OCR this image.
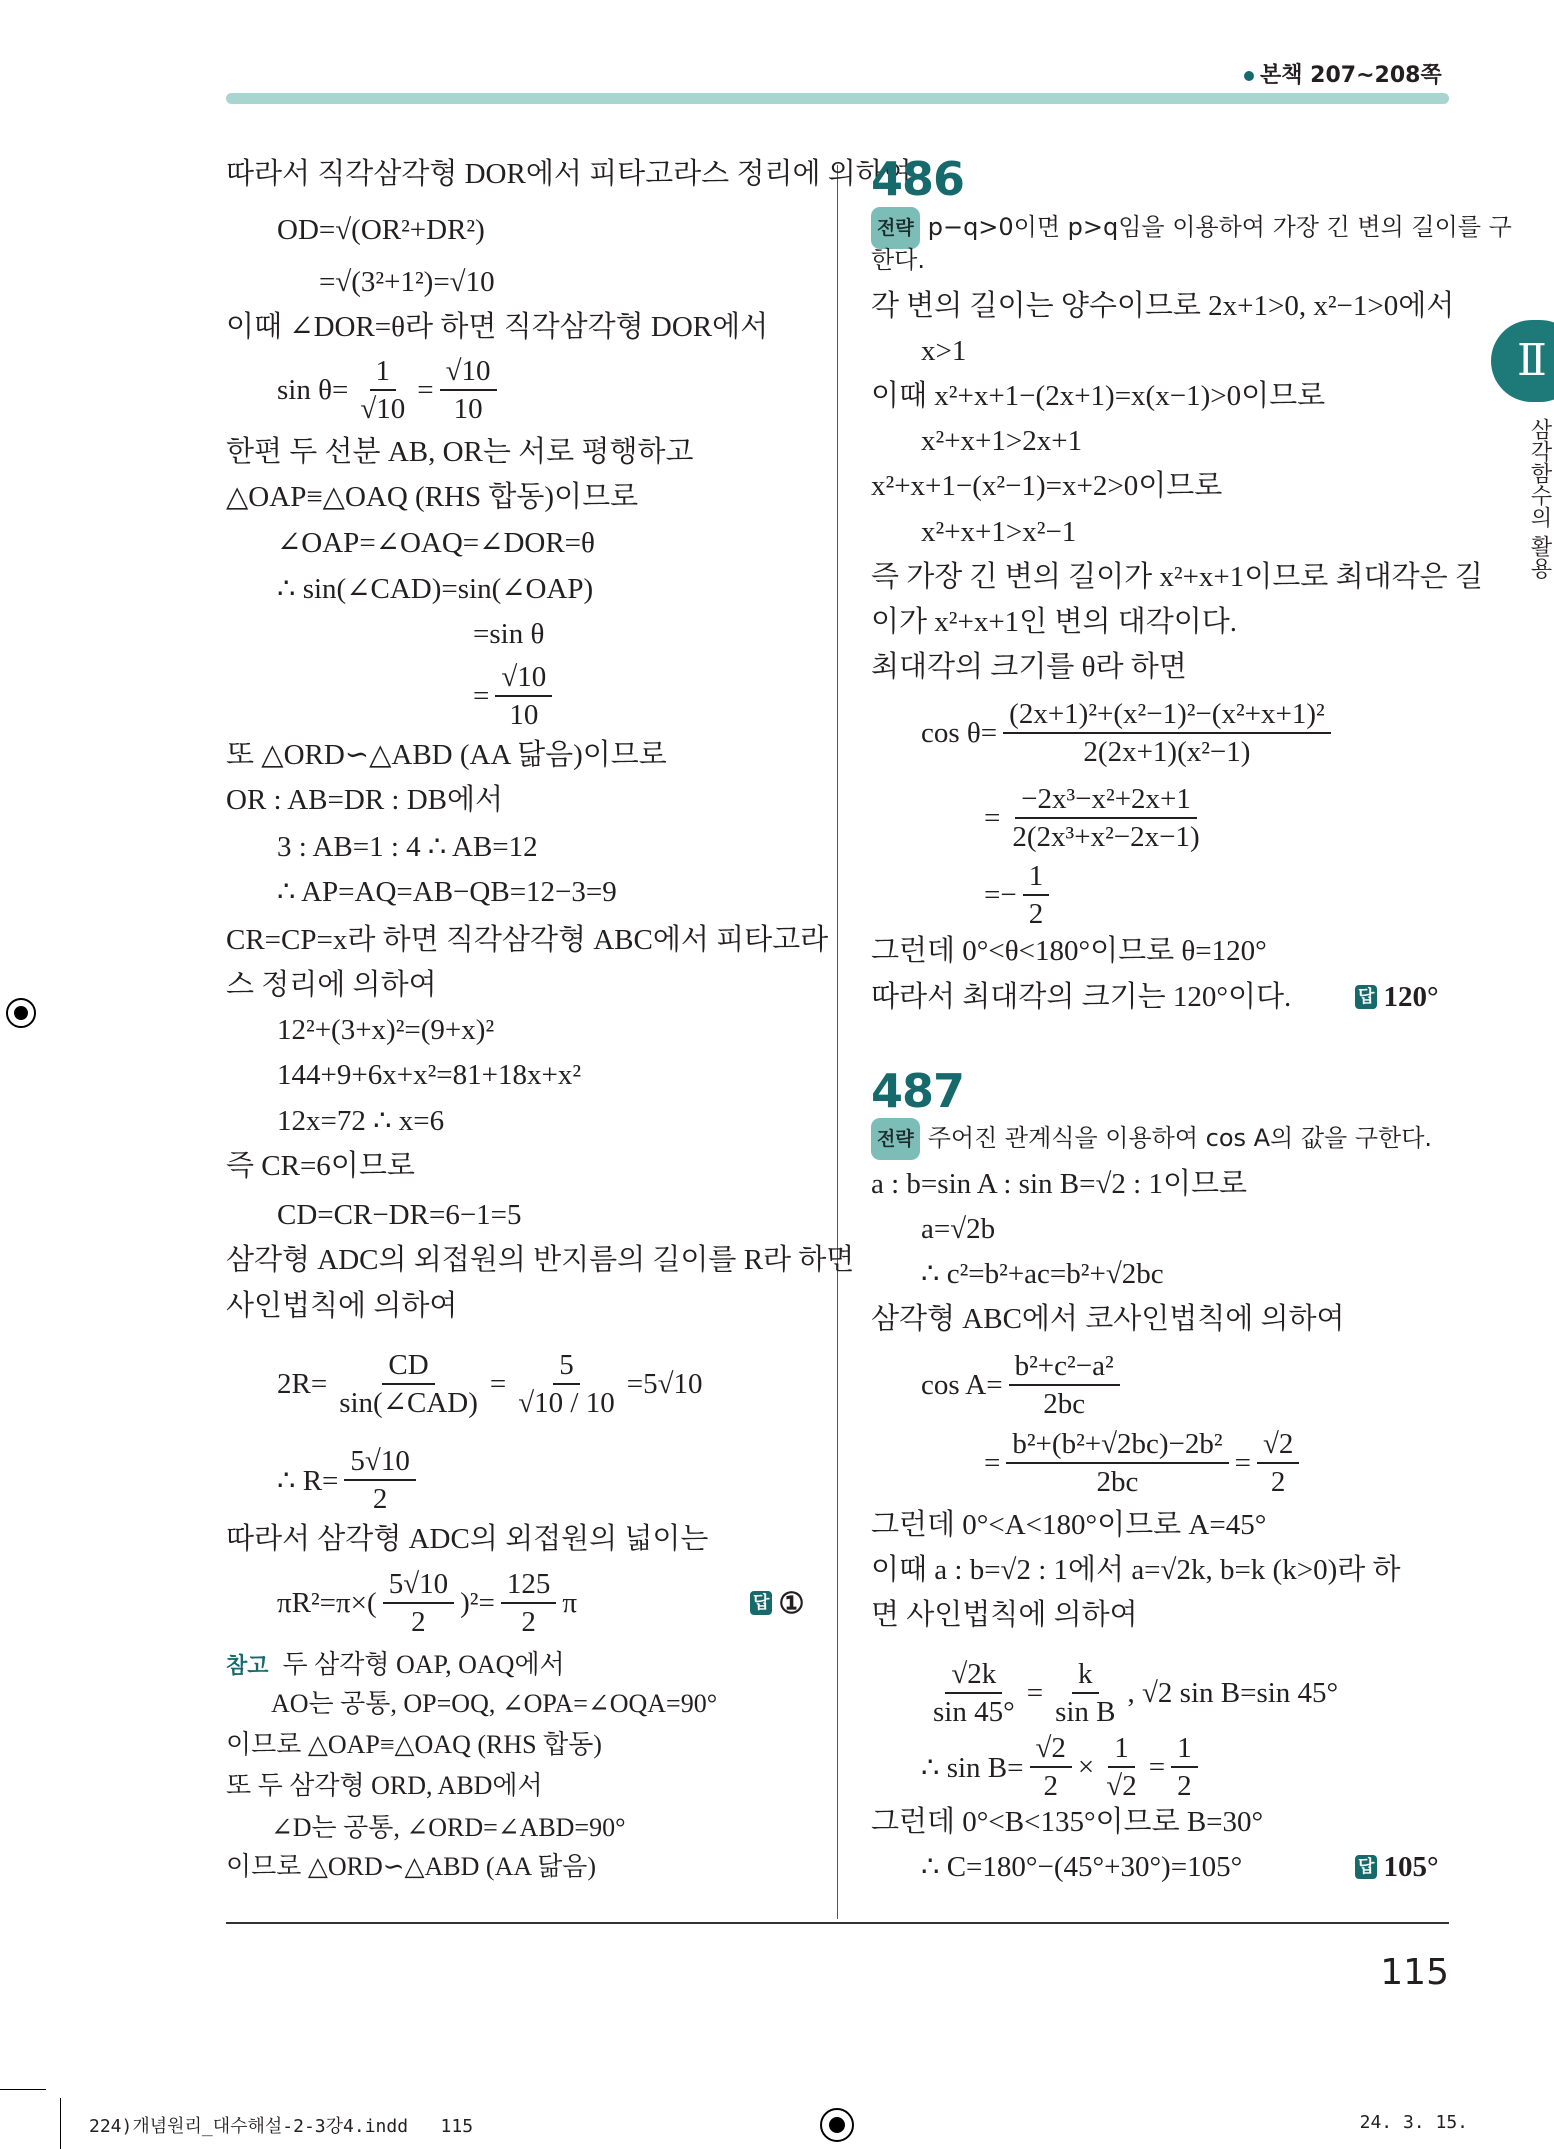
본책 207~208쪽
Ⅱ
삼각함수의 활용
따라서 직각삼각형 DOR에서 피타고라스 정리에 의하여
OD=√(OR²+DR²)
=√(3²+1²)=√10
이때 ∠DOR=θ라 하면 직각삼각형 DOR에서
$\sin \theta= \frac{1}{√10} = \frac{√10}{10}$
한편 두 선분 AB, OR는 서로 평행하고
△OAP≡△OAQ (RHS 합동)이므로
∠OAP=∠OAQ=∠DOR=θ
∴ sin(∠CAD)=sin(∠OAP)
=sin θ
= $\frac{√10}{10}$
또 △ORD∽△ABD (AA 닮음)이므로
OR : AB=DR : DB에서
3 : AB=1 : 4 ∴ AB=12
∴ AP=AQ=AB−QB=12−3=9
CR=CP=x라 하면 직각삼각형 ABC에서 피타고라
스 정리에 의하여
12²+(3+x)²=(9+x)²
144+9+6x+x²=81+18x+x²
12x=72 ∴ x=6
즉 CR=6이므로
CD=CR−DR=6−1=5
삼각형 ADC의 외접원의 반지름의 길이를 R라 하면
사인법칙에 의하여
$2R= \frac{CD}{\text{sin(∠CAD)}} = \frac{5}{√10 / 10} =5√10$
∴ $R= \frac{5√10}{2}$
따라서 삼각형 ADC의 외접원의 넓이는
$\pi R^2=\pi\times( \frac{5√10}{2} )^2= \frac{125}{2}$ π	답 ①
참고 두 삼각형 OAP, OAQ에서
AO는 공통, OP=OQ, ∠OPA=∠OQA=90°
이므로 △OAP≡△OAQ (RHS 합동)
또 두 삼각형 ORD, ABD에서
∠D는 공통, ∠ORD=∠ABD=90°
이므로 △ORD∽△ABD (AA 닮음)
486
전략 p−q>0이면 p>q임을 이용하여 가장 긴 변의 길이를 구
한다.
각 변의 길이는 양수이므로 2x+1>0, x²−1>0에서
x>1
이때 x²+x+1−(2x+1)=x(x−1)>0이므로
x²+x+1>2x+1
x²+x+1−(x²−1)=x+2>0이므로
x²+x+1>x²−1
즉 가장 긴 변의 길이가 x²+x+1이므로 최대각은 길
이가 x²+x+1인 변의 대각이다.
최대각의 크기를 θ라 하면
$\cos \theta= \frac{\text{(2x+1)²+(x²−1)²−(x²+x+1)²}}{\text{2(2x+1)(x²−1)}}$
= $\frac{\text{−2x³−x²+2x+1}}{\text{2(2x³+x²−2x−1)}}$
=− $\frac{1}{2}$
그런데 0°<θ<180°이므로 θ=120°
따라서 최대각의 크기는 120°이다.	답 120°
487
전략 주어진 관계식을 이용하여 cos A의 값을 구한다.
a : b=sin A : sin B=√2 : 1이므로
a=√2b
∴ c²=b²+ac=b²+√2bc
삼각형 ABC에서 코사인법칙에 의하여
$\cos A= \frac{\text{b²+c²−a²}}{2bc}$
= $\frac{\text{b²+(b²+√2bc)−2b²}}{2bc} = \frac{√2}{2}$
그런데 0°<A<180°이므로 A=45°
이때 a : b=√2 : 1에서 a=√2k, b=k (k>0)라 하
면 사인법칙에 의하여
$\frac{√2k}{\sin 45^\circ} = \frac{k}{\text{sin B}}$ , √2 sin B=sin 45°
∴ $\sin B= \frac{√2}{2} \times \frac{1}{√2} = \frac{1}{2}$
그런데 0°<B<135°이므로 B=30°
∴ C=180°−(45°+30°)=105°	답 105°
115
224)개념원리_대수해설-2-3강4.indd   115	24. 3. 15.
